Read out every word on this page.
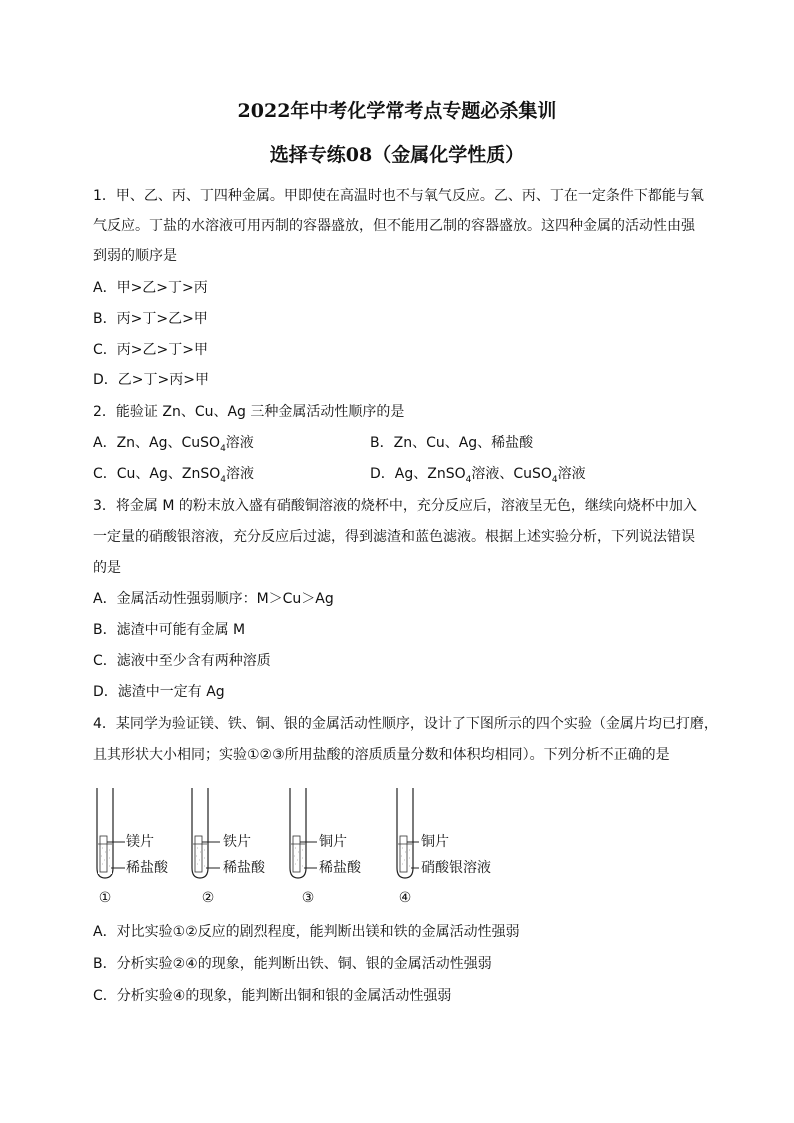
2022年中考化学常考点专题必杀集训
选择专练08（金属化学性质）
1．甲、乙、丙、丁四种金属。甲即使在高温时也不与氧气反应。乙、丙、丁在一定条件下都能与氧
气反应。丁盐的水溶液可用丙制的容器盛放，但不能用乙制的容器盛放。这四种金属的活动性由强
到弱的顺序是
A．甲>乙>丁>丙
B．丙>丁>乙>甲
C．丙>乙>丁>甲
D．乙>丁>丙>甲
2．能验证 Zn、Cu、Ag 三种金属活动性顺序的是
A．Zn、Ag、CuSO$_4$溶液	B．Zn、Cu、Ag、稀盐酸
C．Cu、Ag、ZnSO$_4$溶液	D．Ag、ZnSO$_4$溶液、CuSO$_4$溶液
3．将金属 M 的粉末放入盛有硝酸铜溶液的烧杯中，充分反应后，溶液呈无色，继续向烧杯中加入
一定量的硝酸银溶液，充分反应后过滤，得到滤渣和蓝色滤液。根据上述实验分析，下列说法错误
的是
A．金属活动性强弱顺序：M＞Cu＞Ag
B．滤渣中可能有金属 M
C．滤液中至少含有两种溶质
D．滤渣中一定有 Ag
4．某同学为验证镁、铁、铜、银的金属活动性顺序，设计了下图所示的四个实验（金属片均已打磨，
且其形状大小相同；实验①②③所用盐酸的溶质质量分数和体积均相同）。下列分析不正确的是
镁片
稀盐酸
①
铁片
稀盐酸
②
铜片
稀盐酸
③
铜片
硝酸银溶液
④
A．对比实验①②反应的剧烈程度，能判断出镁和铁的金属活动性强弱
B．分析实验②④的现象，能判断出铁、铜、银的金属活动性强弱
C．分析实验④的现象，能判断出铜和银的金属活动性强弱
